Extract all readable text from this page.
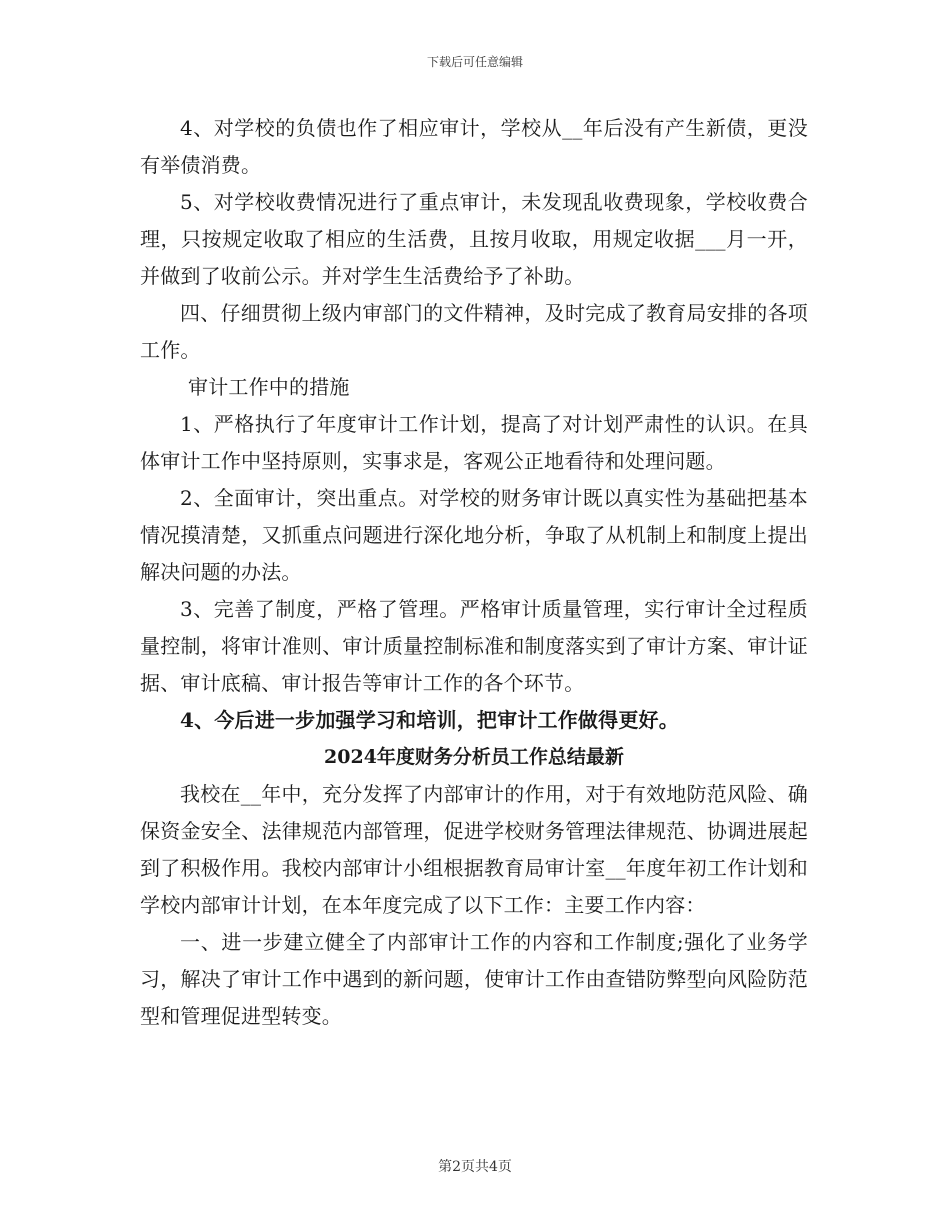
下载后可任意编辑

4、对学校的负债也作了相应审计，学校从__年后没有产生新债，更没有举债消费。

5、对学校收费情况进行了重点审计，未发现乱收费现象，学校收费合理，只按规定收取了相应的生活费，且按月收取，用规定收据___月一开，并做到了收前公示。并对学生生活费给予了补助。

四、仔细贯彻上级内审部门的文件精神，及时完成了教育局安排的各项工作。

审计工作中的措施

1、严格执行了年度审计工作计划，提高了对计划严肃性的认识。在具体审计工作中坚持原则，实事求是，客观公正地看待和处理问题。

2、全面审计，突出重点。对学校的财务审计既以真实性为基础把基本情况摸清楚，又抓重点问题进行深化地分析，争取了从机制上和制度上提出解决问题的办法。

3、完善了制度，严格了管理。严格审计质量管理，实行审计全过程质量控制，将审计准则、审计质量控制标准和制度落实到了审计方案、审计证据、审计底稿、审计报告等审计工作的各个环节。

4、今后进一步加强学习和培训，把审计工作做得更好。

2024年度财务分析员工作总结最新

我校在__年中，充分发挥了内部审计的作用，对于有效地防范风险、确保资金安全、法律规范内部管理，促进学校财务管理法律规范、协调进展起到了积极作用。我校内部审计小组根据教育局审计室__年度年初工作计划和学校内部审计计划，在本年度完成了以下工作：主要工作内容：

一、进一步建立健全了内部审计工作的内容和工作制度;强化了业务学习，解决了审计工作中遇到的新问题，使审计工作由查错防弊型向风险防范型和管理促进型转变。

第2页共4页
